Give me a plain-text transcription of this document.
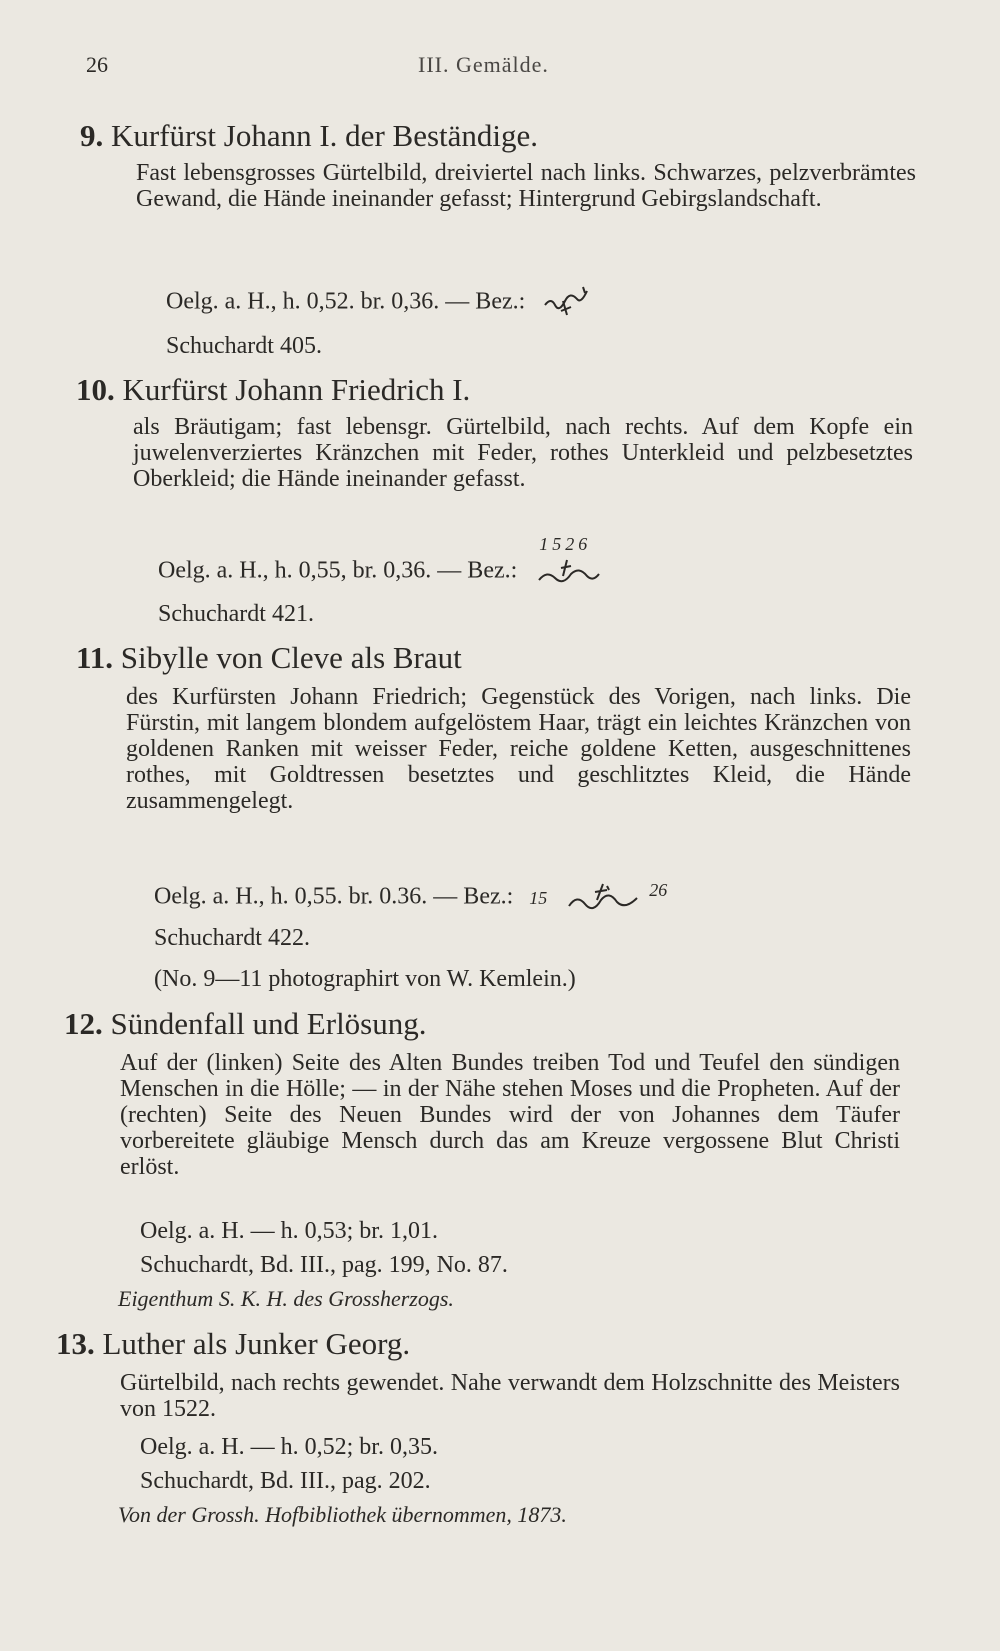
26	III. Gemälde.
9. Kurfürst Johann I. der Beständige.
Fast lebensgrosses Gürtelbild, dreiviertel nach links. Schwarzes, pelzverbrämtes Gewand, die Hände ineinander gefasst; Hintergrund Gebirgslandschaft.
Oelg. a. H., h. 0,52. br. 0,36. — Bez.:
Schuchardt 405.
10. Kurfürst Johann Friedrich I.
als Bräutigam; fast lebensgr. Gürtelbild, nach rechts. Auf dem Kopfe ein juwelenverziertes Kränzchen mit Feder, rothes Unterkleid und pelzbesetztes Oberkleid; die Hände ineinander gefasst.
Oelg. a. H., h. 0,55, br. 0,36. — Bez.:
1526
Schuchardt 421.
11. Sibylle von Cleve als Braut
des Kurfürsten Johann Friedrich; Gegenstück des Vorigen, nach links. Die Fürstin, mit langem blondem aufgelöstem Haar, trägt ein leichtes Kränzchen von goldenen Ranken mit weisser Feder, reiche goldene Ketten, ausgeschnittenes rothes, mit Goldtressen besetztes und geschlitztes Kleid, die Hände zusammengelegt.
Oelg. a. H., h. 0,55. br. 0.36. — Bez.: 15	$^{26}$
Schuchardt 422.
(No. 9—11 photographirt von W. Kemlein.)
12. Sündenfall und Erlösung.
Auf der (linken) Seite des Alten Bundes treiben Tod und Teufel den sündigen Menschen in die Hölle; — in der Nähe stehen Moses und die Propheten. Auf der (rechten) Seite des Neuen Bundes wird der von Johannes dem Täufer vorbereitete gläubige Mensch durch das am Kreuze vergossene Blut Christi erlöst.
Oelg. a. H. — h. 0,53; br. 1,01.
Schuchardt, Bd. III., pag. 199, No. 87.
Eigenthum S. K. H. des Grossherzogs.
13. Luther als Junker Georg.
Gürtelbild, nach rechts gewendet. Nahe verwandt dem Holzschnitte des Meisters von 1522.
Oelg. a. H. — h. 0,52; br. 0,35.
Schuchardt, Bd. III., pag. 202.
Von der Grossh. Hofbibliothek übernommen, 1873.
